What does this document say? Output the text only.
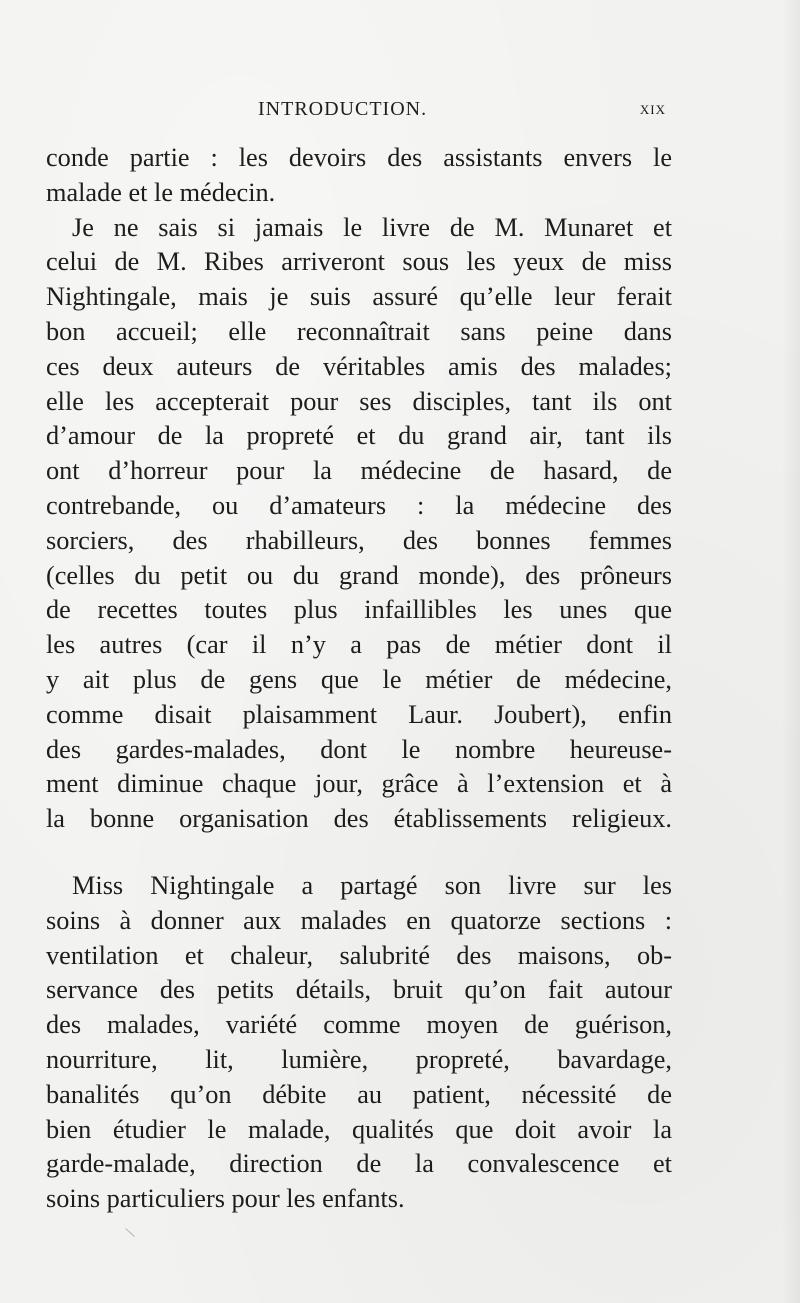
INTRODUCTION.	xix
conde partie : les devoirs des assistants envers le
malade et le médecin.
Je ne sais si jamais le livre de M. Munaret et
celui de M. Ribes arriveront sous les yeux de miss
Nightingale, mais je suis assuré qu’elle leur ferait
bon accueil; elle reconnaîtrait sans peine dans
ces deux auteurs de véritables amis des malades;
elle les accepterait pour ses disciples, tant ils ont
d’amour de la propreté et du grand air, tant ils
ont d’horreur pour la médecine de hasard, de
contrebande, ou d’amateurs : la médecine des
sorciers, des rhabilleurs, des bonnes femmes
(celles du petit ou du grand monde), des prôneurs
de recettes toutes plus infaillibles les unes que
les autres (car il n’y a pas de métier dont il
y ait plus de gens que le métier de médecine,
comme disait plaisamment Laur. Joubert), enfin
des gardes-malades, dont le nombre heureuse-
ment diminue chaque jour, grâce à l’extension et à
la bonne organisation des établissements religieux.
Miss Nightingale a partagé son livre sur les
soins à donner aux malades en quatorze sections :
ventilation et chaleur, salubrité des maisons, ob-
servance des petits détails, bruit qu’on fait autour
des malades, variété comme moyen de guérison,
nourriture, lit, lumière, propreté, bavardage,
banalités qu’on débite au patient, nécessité de
bien étudier le malade, qualités que doit avoir la
garde-malade, direction de la convalescence et
soins particuliers pour les enfants.
